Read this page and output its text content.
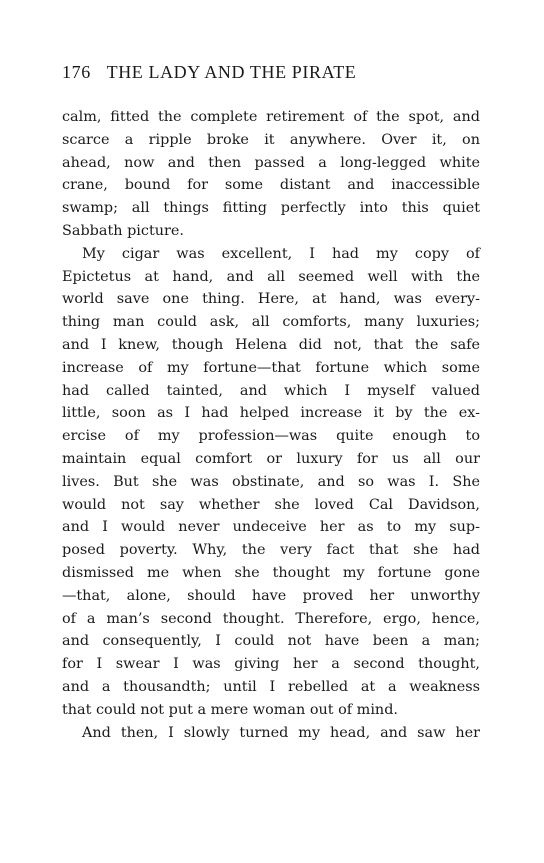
176 THE LADY AND THE PIRATE
calm, fitted the complete retirement of the spot, and
scarce a ripple broke it anywhere. Over it, on
ahead, now and then passed a long-legged white
crane, bound for some distant and inaccessible
swamp; all things fitting perfectly into this quiet
Sabbath picture.
My cigar was excellent, I had my copy of
Epictetus at hand, and all seemed well with the
world save one thing. Here, at hand, was every-
thing man could ask, all comforts, many luxuries;
and I knew, though Helena did not, that the safe
increase of my fortune—that fortune which some
had called tainted, and which I myself valued
little, soon as I had helped increase it by the ex-
ercise of my profession—was quite enough to
maintain equal comfort or luxury for us all our
lives. But she was obstinate, and so was I. She
would not say whether she loved Cal Davidson,
and I would never undeceive her as to my sup-
posed poverty. Why, the very fact that she had
dismissed me when she thought my fortune gone
—that, alone, should have proved her unworthy
of a man’s second thought. Therefore, ergo, hence,
and consequently, I could not have been a man;
for I swear I was giving her a second thought,
and a thousandth; until I rebelled at a weakness
that could not put a mere woman out of mind.
And then, I slowly turned my head, and saw her
